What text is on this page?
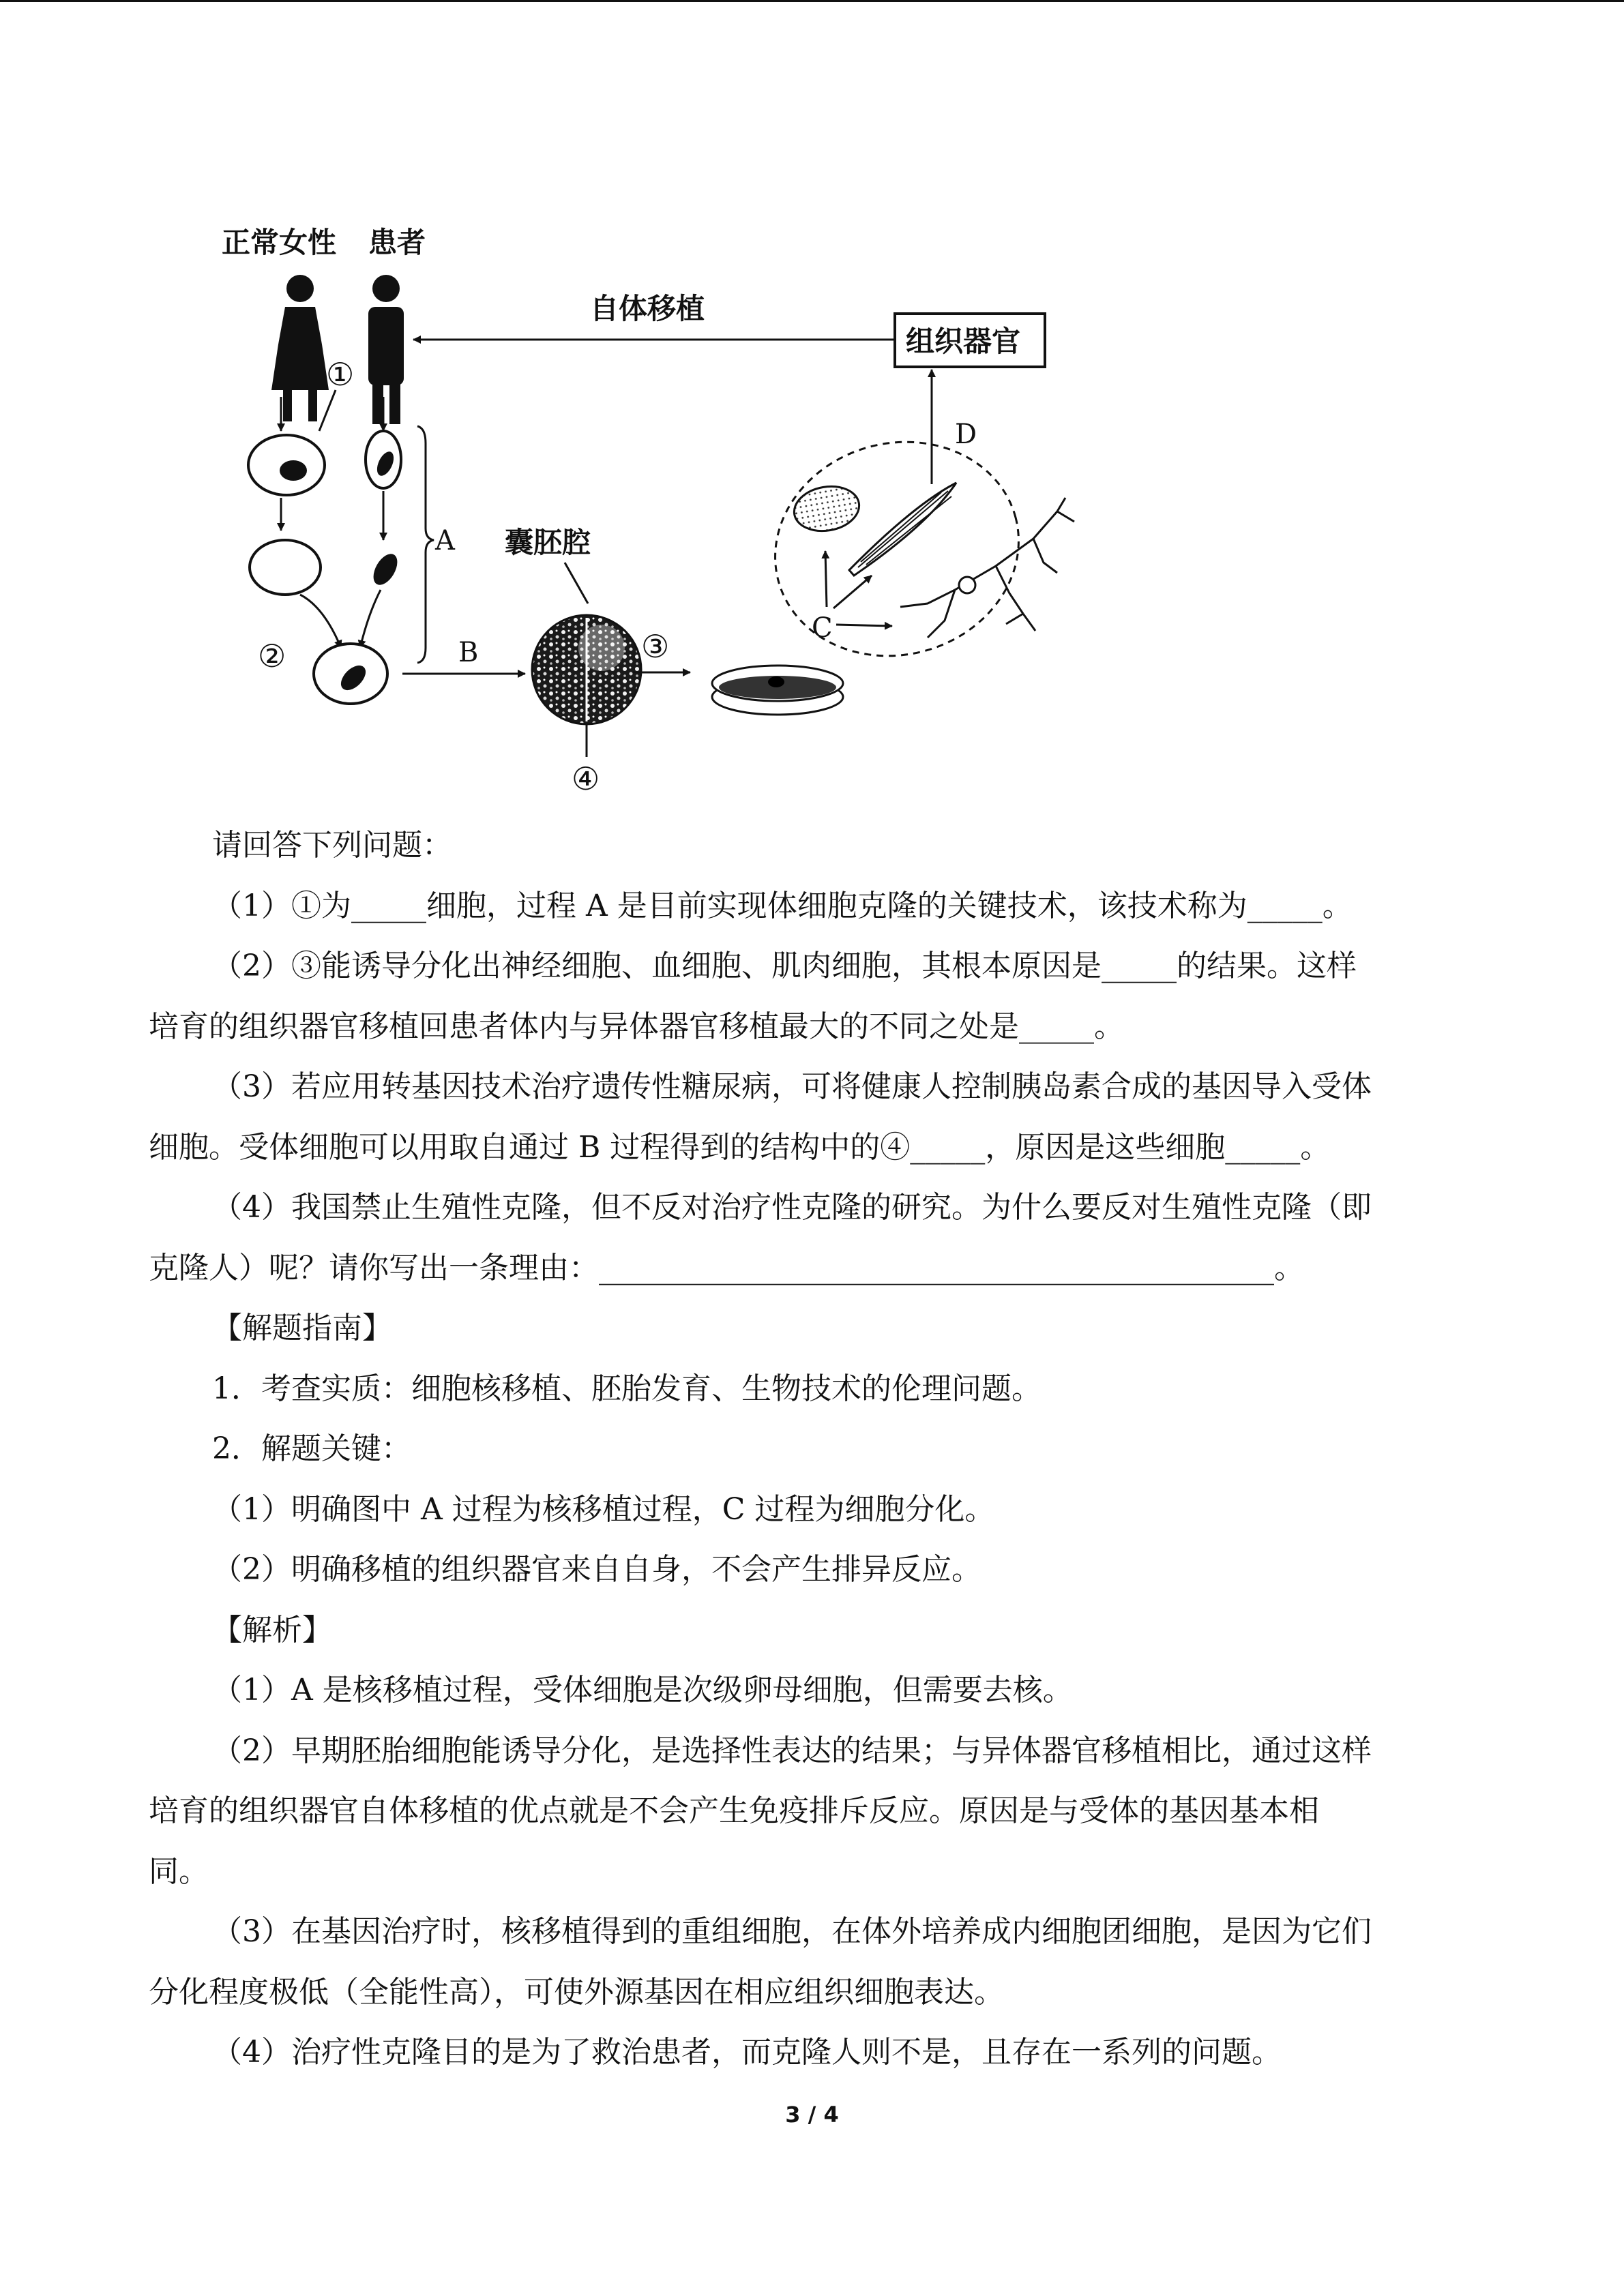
正常女性 患者
自体移植
①
A
②	B
囊胚腔
④
③	C
D
组织器官
请回答下列问题：
（1）①为_____细胞，过程 A 是目前实现体细胞克隆的关键技术，该技术称为_____。
（2）③能诱导分化出神经细胞、血细胞、肌肉细胞，其根本原因是_____的结果。这样
培育的组织器官移植回患者体内与异体器官移植最大的不同之处是_____。
（3）若应用转基因技术治疗遗传性糖尿病，可将健康人控制胰岛素合成的基因导入受体
细胞。受体细胞可以用取自通过 B 过程得到的结构中的④_____，原因是这些细胞_____。
（4）我国禁止生殖性克隆，但不反对治疗性克隆的研究。为什么要反对生殖性克隆（即
克隆人）呢？请你写出一条理由：_____________________________________________。
【解题指南】
1．考查实质：细胞核移植、胚胎发育、生物技术的伦理问题。
2．解题关键：
（1）明确图中 A 过程为核移植过程，C 过程为细胞分化。
（2）明确移植的组织器官来自自身，不会产生排异反应。
【解析】
（1）A 是核移植过程，受体细胞是次级卵母细胞，但需要去核。
（2）早期胚胎细胞能诱导分化，是选择性表达的结果；与异体器官移植相比，通过这样
培育的组织器官自体移植的优点就是不会产生免疫排斥反应。原因是与受体的基因基本相
同。
（3）在基因治疗时，核移植得到的重组细胞，在体外培养成内细胞团细胞，是因为它们
分化程度极低（全能性高），可使外源基因在相应组织细胞表达。
（4）治疗性克隆目的是为了救治患者，而克隆人则不是，且存在一系列的问题。
3 / 4
